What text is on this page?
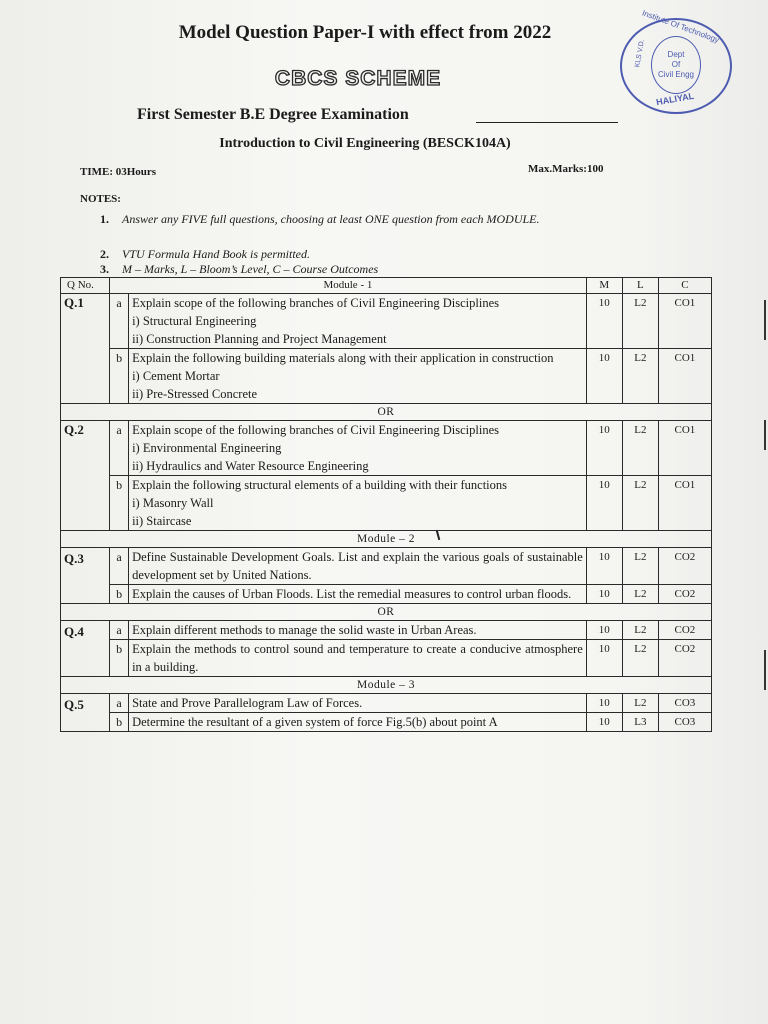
Model Question Paper-I with effect from 2022
CBCS SCHEME
First Semester B.E Degree Examination
Introduction to Civil Engineering (BESCK104A)
Institute Of Technology
KLS V.D.	Dept
Of
Civil Engg
HALIYAL
TIME: 03Hours	Max.Marks:100
NOTES:
1. Answer any FIVE full questions, choosing at least ONE question from each MODULE.
2. VTU Formula Hand Book is permitted.
3. M – Marks, L – Bloom’s Level, C – Course Outcomes
Q No.	Module - 1		M	L	C
Q.1	a	Explain scope of the following branches of Civil Engineering Disciplines
i) Structural Engineering
ii) Construction Planning and Project Management	10	L2	CO1
	b	Explain the following building materials along with their application in construction
i) Cement Mortar
ii) Pre-Stressed Concrete	10	L2	CO1
OR					
Q.2	a	Explain scope of the following branches of Civil Engineering Disciplines
i) Environmental Engineering
ii) Hydraulics and Water Resource Engineering	10	L2	CO1
	b	Explain the following structural elements of a building with their functions
i) Masonry Wall
ii) Staircase	10	L2	CO1
Module – 2					
Q.3	a	Define Sustainable Development Goals. List and explain the various goals of sustainable development set by United Nations.	10	L2	CO2
	b	Explain the causes of Urban Floods. List the remedial measures to control urban floods.	10	L2	CO2
OR					
Q.4	a	Explain different methods to manage the solid waste in Urban Areas.	10	L2	CO2
	b	Explain the methods to control sound and temperature to create a conducive atmosphere in a building.	10	L2	CO2
Module – 3					
Q.5	a	State and Prove Parallelogram Law of Forces.	10	L2	CO3
	b	Determine the resultant of a given system of force Fig.5(b) about point A	10	L3	CO3
